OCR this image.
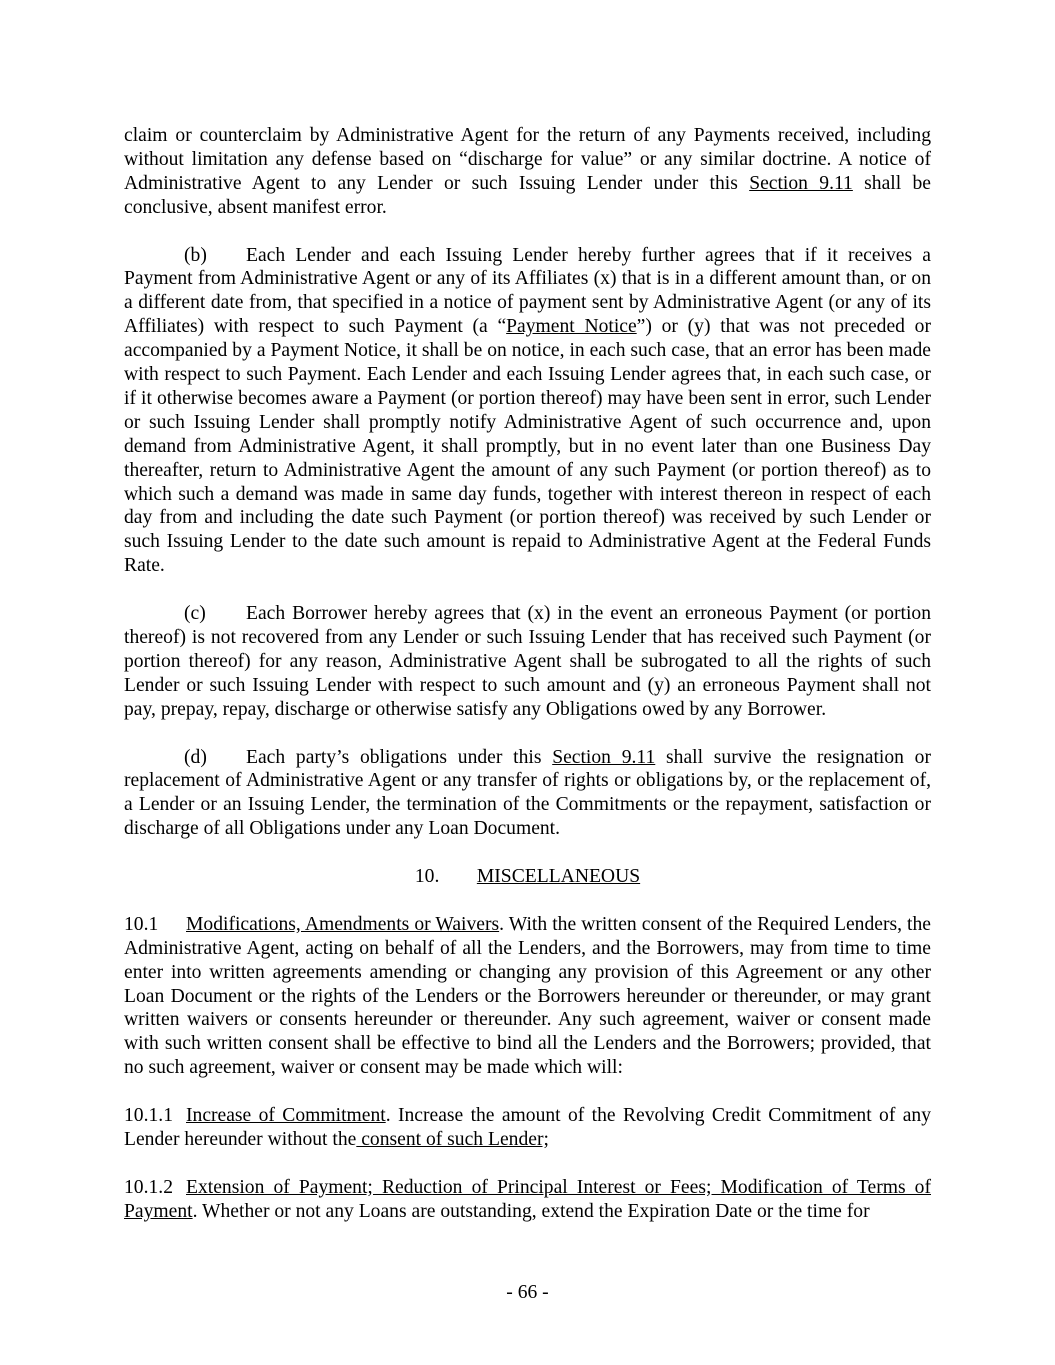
claim or counterclaim by Administrative Agent for the return of any Payments received, including without limitation any defense based on “discharge for value” or any similar doctrine. A notice of Administrative Agent to any Lender or such Issuing Lender under this Section 9.11 shall be conclusive, absent manifest error.

(b) Each Lender and each Issuing Lender hereby further agrees that if it receives a Payment from Administrative Agent or any of its Affiliates (x) that is in a different amount than, or on a different date from, that specified in a notice of payment sent by Administrative Agent (or any of its Affiliates) with respect to such Payment (a “Payment Notice”) or (y) that was not preceded or accompanied by a Payment Notice, it shall be on notice, in each such case, that an error has been made with respect to such Payment. Each Lender and each Issuing Lender agrees that, in each such case, or if it otherwise becomes aware a Payment (or portion thereof) may have been sent in error, such Lender or such Issuing Lender shall promptly notify Administrative Agent of such occurrence and, upon demand from Administrative Agent, it shall promptly, but in no event later than one Business Day thereafter, return to Administrative Agent the amount of any such Payment (or portion thereof) as to which such a demand was made in same day funds, together with interest thereon in respect of each day from and including the date such Payment (or portion thereof) was received by such Lender or such Issuing Lender to the date such amount is repaid to Administrative Agent at the Federal Funds Rate.

(c) Each Borrower hereby agrees that (x) in the event an erroneous Payment (or portion thereof) is not recovered from any Lender or such Issuing Lender that has received such Payment (or portion thereof) for any reason, Administrative Agent shall be subrogated to all the rights of such Lender or such Issuing Lender with respect to such amount and (y) an erroneous Payment shall not pay, prepay, repay, discharge or otherwise satisfy any Obligations owed by any Borrower.

(d) Each party’s obligations under this Section 9.11 shall survive the resignation or replacement of Administrative Agent or any transfer of rights or obligations by, or the replacement of, a Lender or an Issuing Lender, the termination of the Commitments or the repayment, satisfaction or discharge of all Obligations under any Loan Document.

10. MISCELLANEOUS

10.1 Modifications, Amendments or Waivers. With the written consent of the Required Lenders, the Administrative Agent, acting on behalf of all the Lenders, and the Borrowers, may from time to time enter into written agreements amending or changing any provision of this Agreement or any other Loan Document or the rights of the Lenders or the Borrowers hereunder or thereunder, or may grant written waivers or consents hereunder or thereunder. Any such agreement, waiver or consent made with such written consent shall be effective to bind all the Lenders and the Borrowers; provided, that no such agreement, waiver or consent may be made which will:

10.1.1 Increase of Commitment. Increase the amount of the Revolving Credit Commitment of any Lender hereunder without the consent of such Lender;

10.1.2 Extension of Payment; Reduction of Principal Interest or Fees; Modification of Terms of Payment. Whether or not any Loans are outstanding, extend the Expiration Date or the time for

- 66 -
